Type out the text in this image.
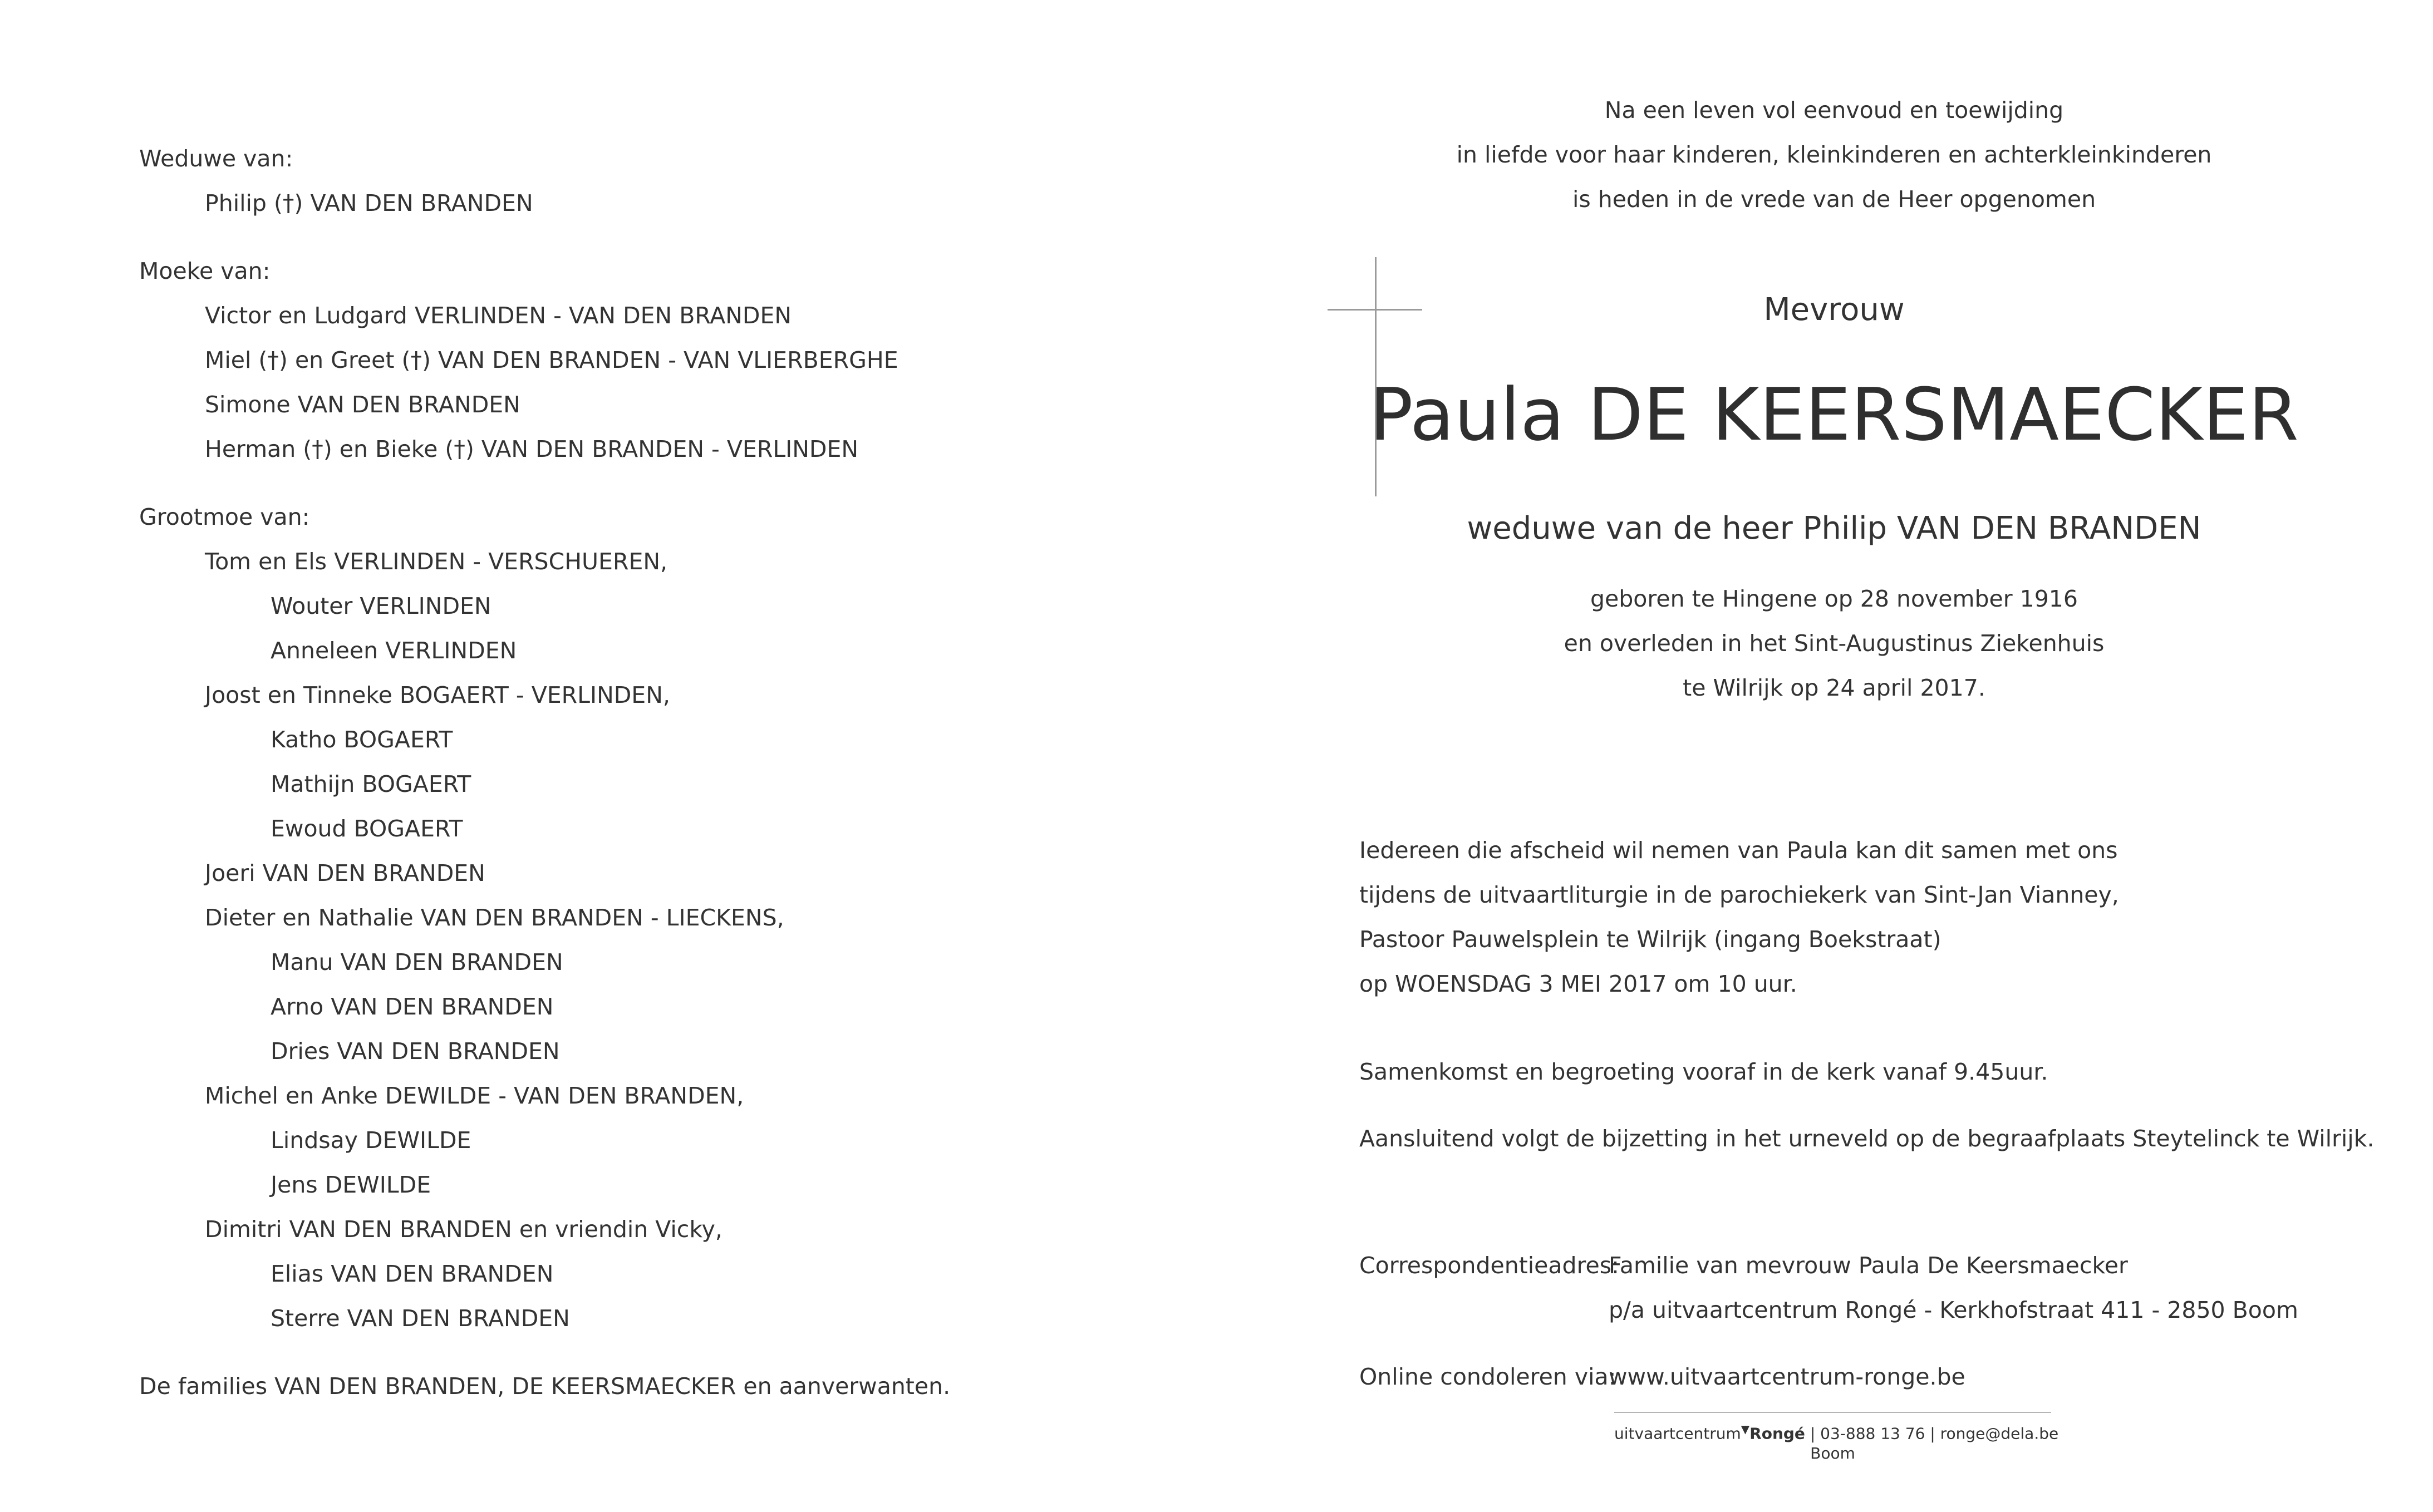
Weduwe van:
Philip (†) VAN DEN BRANDEN
Moeke van:
Victor en Ludgard VERLINDEN - VAN DEN BRANDEN
Miel (†) en Greet (†) VAN DEN BRANDEN - VAN VLIERBERGHE
Simone VAN DEN BRANDEN
Herman (†) en Bieke (†) VAN DEN BRANDEN - VERLINDEN
Grootmoe van:
Tom en Els VERLINDEN - VERSCHUEREN,
Wouter VERLINDEN
Anneleen VERLINDEN
Joost en Tinneke BOGAERT - VERLINDEN,
Katho BOGAERT
Mathijn BOGAERT
Ewoud BOGAERT
Joeri VAN DEN BRANDEN
Dieter en Nathalie VAN DEN BRANDEN - LIECKENS,
Manu VAN DEN BRANDEN
Arno VAN DEN BRANDEN
Dries VAN DEN BRANDEN
Michel en Anke DEWILDE - VAN DEN BRANDEN,
Lindsay DEWILDE
Jens DEWILDE
Dimitri VAN DEN BRANDEN en vriendin Vicky,
Elias VAN DEN BRANDEN
Sterre VAN DEN BRANDEN
De families VAN DEN BRANDEN, DE KEERSMAECKER en aanverwanten.
Na een leven vol eenvoud en toewijding
in liefde voor haar kinderen, kleinkinderen en achterkleinkinderen
is heden in de vrede van de Heer opgenomen
Mevrouw
Paula DE KEERSMAECKER
weduwe van de heer Philip VAN DEN BRANDEN
geboren te Hingene op 28 november 1916
en overleden in het Sint-Augustinus Ziekenhuis
te Wilrijk op 24 april 2017.
Iedereen die afscheid wil nemen van Paula kan dit samen met ons
tijdens de uitvaartliturgie in de parochiekerk van Sint-Jan Vianney,
Pastoor Pauwelsplein te Wilrijk (ingang Boekstraat)
op WOENSDAG 3 MEI 2017 om 10 uur.
Samenkomst en begroeting vooraf in de kerk vanaf 9.45uur.
Aansluitend volgt de bijzetting in het urneveld op de begraafplaats Steytelinck te Wilrijk.
Correspondentieadres:
Familie van mevrouw Paula De Keersmaecker
p/a uitvaartcentrum Rongé - Kerkhofstraat 411 - 2850 Boom
Online condoleren via:
www.uitvaartcentrum-ronge.be
uitvaartcentrum▼Rongé | 03-888 13 76 | ronge@dela.be
Boom
